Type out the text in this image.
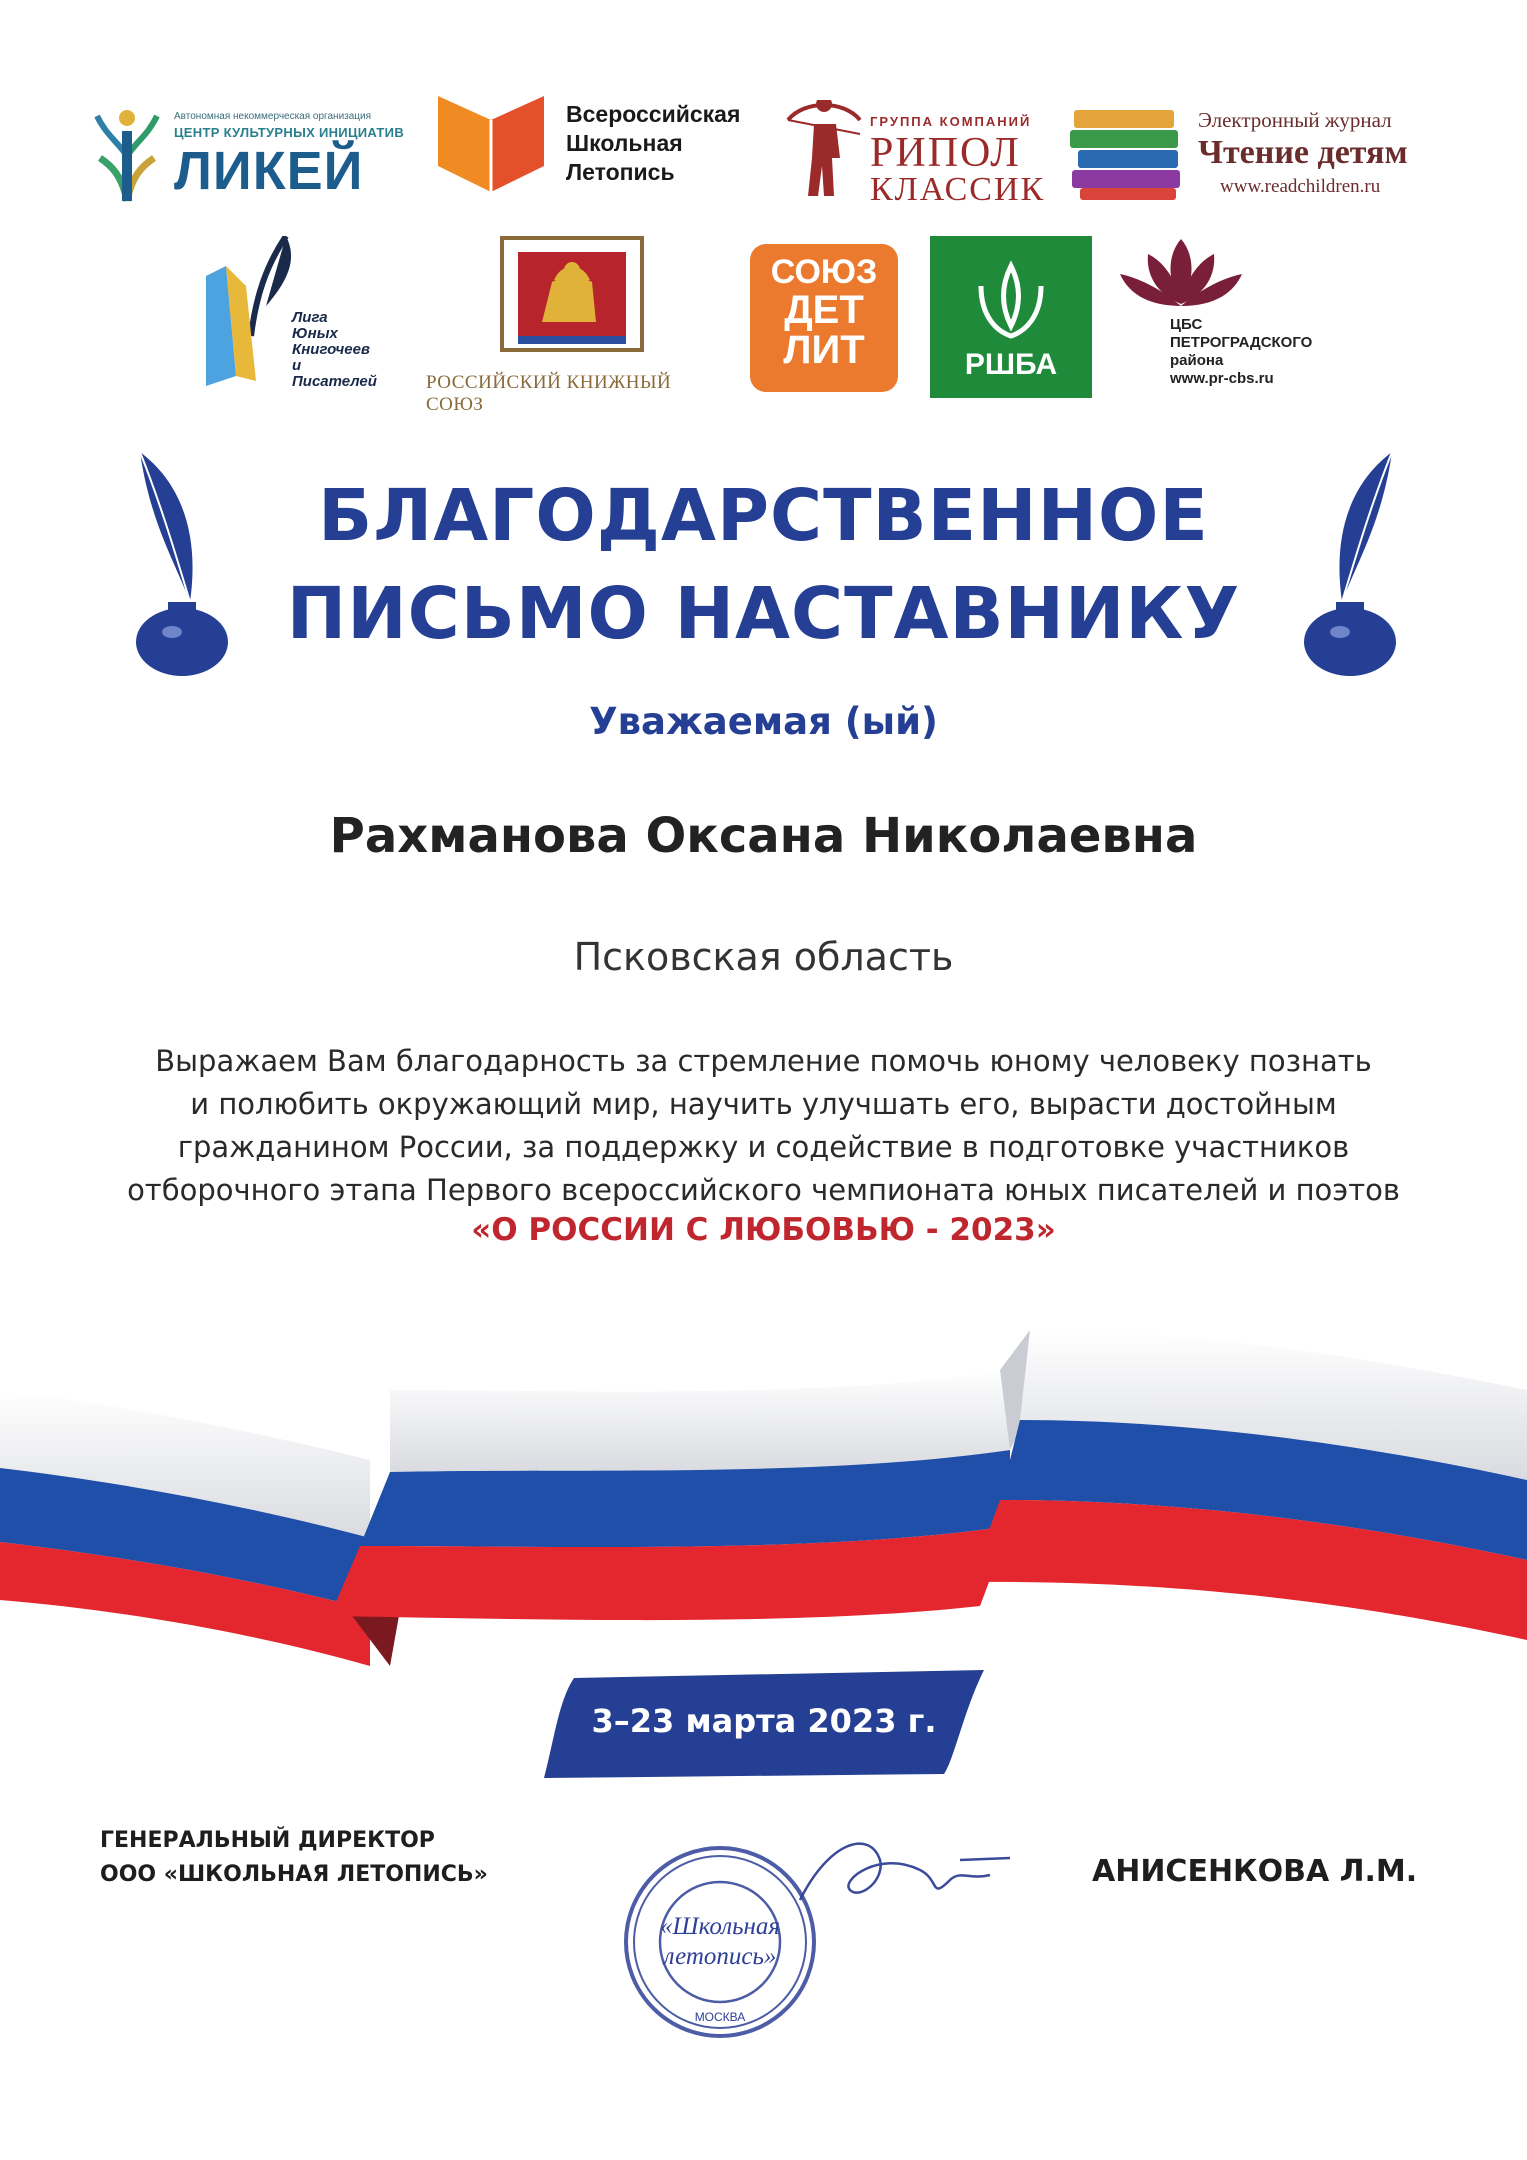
Автономная некоммерческая организация
ЦЕНТР КУЛЬТУРНЫХ ИНИЦИАТИВ
ЛИКЕЙ
Всероссийская
Школьная
Летопись
ГРУППА КОМПАНИЙ
РИПОЛ
КЛАССИК
Электронный журнал
Чтение детям
www.readchildren.ru
Лига
Юных
Книгочеев
и
Писателей	РОССИЙСКИЙ КНИЖНЫЙ СОЮЗ
СОЮЗ
ДЕТ
ЛИТ	РШБА
ЦБС
ПЕТРОГРАДСКОГО
района
www.pr-cbs.ru
БЛАГОДАРСТВЕННОЕ
ПИСЬМО НАСТАВНИКУ
Уважаемая (ый)
Рахманова Оксана Николаевна
Псковская область
Выражаем Вам благодарность за стремление помочь юному человеку познать
и полюбить окружающий мир, научить улучшать его, вырасти достойным
гражданином России, за поддержку и содействие в подготовке участников
отборочного этапа Первого всероссийского чемпионата юных писателей и поэтов
«О РОССИИ С ЛЮБОВЬЮ - 2023»
3–23 марта 2023 г.
ГЕНЕРАЛЬНЫЙ ДИРЕКТОР
ООО «ШКОЛЬНАЯ ЛЕТОПИСЬ»	АНИСЕНКОВА Л.М.
«Школьная
летопись»
МОСКВА
